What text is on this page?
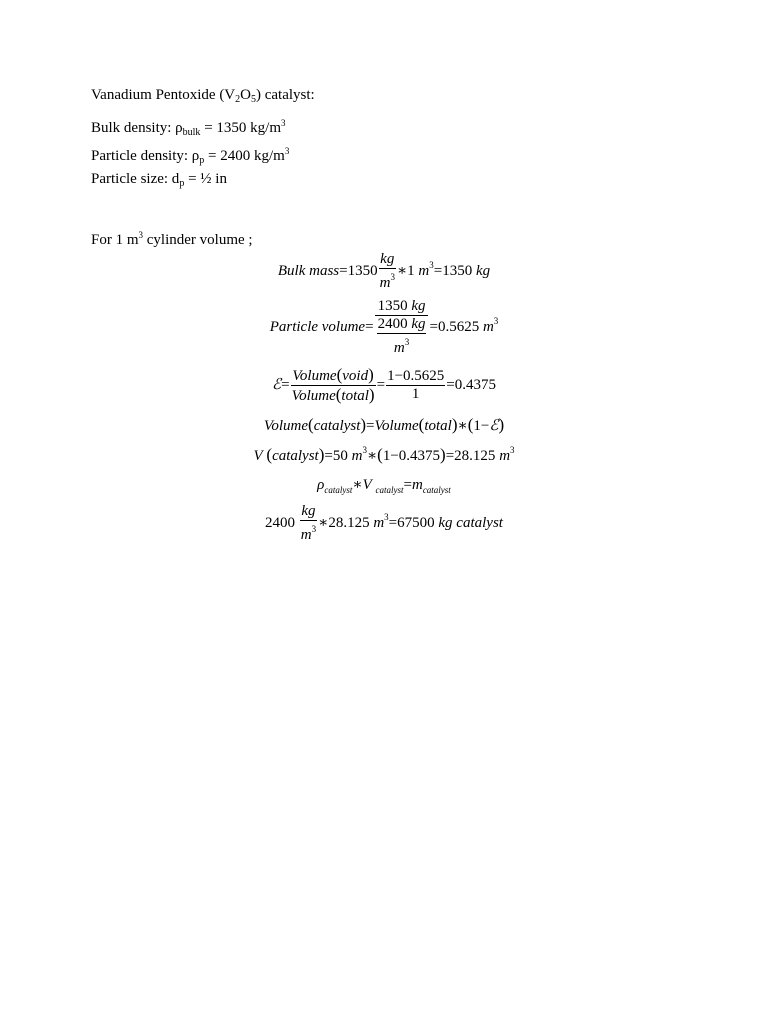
Vanadium Pentoxide $(V_2O_5)$ catalyst:
Bulk density: $\rho_{bulk} = 1350$ $kg/m^3$
Particle density: $\rho_p = 2400$ $kg/m^3$
Particle size: $d_p$ = ½ in
For 1 $m^3$ cylinder volume ;
Bulk mass=1350 $\frac{kg}{m^3}$ ∗1 $m^3=1350$ kg
Particle volume= $\frac{1350 kg}{\frac{2400 kg}{m^3}} =0.5625$ $m^3$
ℰ= $\frac{\text{Volume(void)}}{\text{Volume(total)}} = \frac{1-0.5625}{1} =0.4375$
Volume(catalyst)=Volume(total)∗(1−ℰ)
V (catalyst)=50 $m^3∗(1-0.4375)=28.125$ $m^3$
$\rho_{catalyst}∗V$ $_{catalyst}=m_{catalyst}$
$2400 \frac{kg}{m^3}$ ∗28.125 $m^3=67500$ kg catalyst
